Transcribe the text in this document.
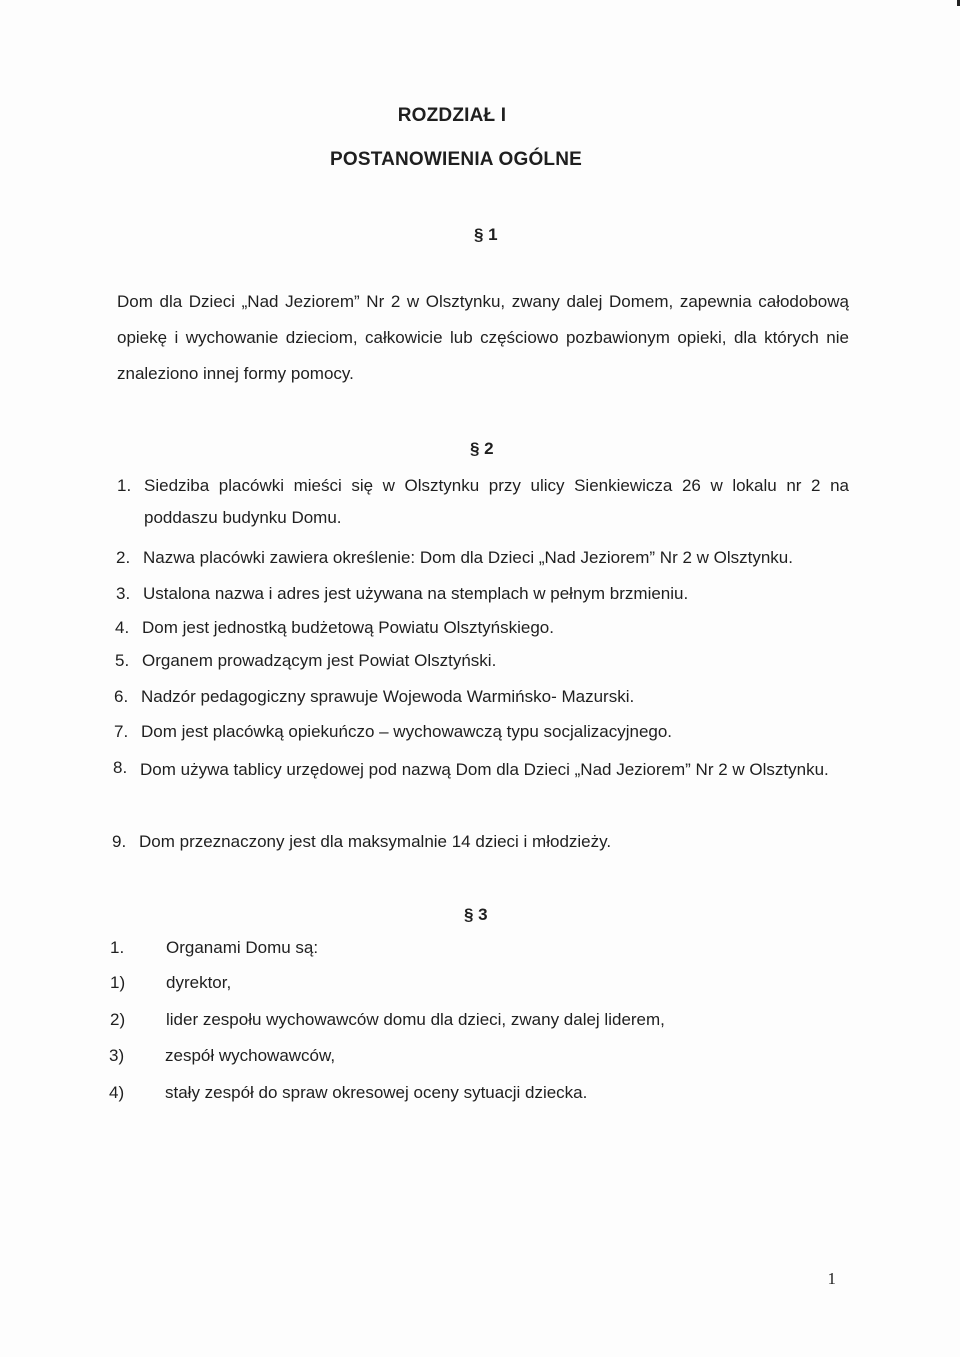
ROZDZIAŁ I
POSTANOWIENIA OGÓLNE
§ 1
Dom dla Dzieci „Nad Jeziorem” Nr 2 w Olsztynku, zwany dalej Domem, zapewnia całodobową opiekę i wychowanie dzieciom, całkowicie lub częściowo pozbawionym opieki, dla których nie znaleziono innej formy pomocy.
§ 2
1. Siedziba placówki mieści się w Olsztynku przy ulicy Sienkiewicza 26 w lokalu nr 2 na poddaszu budynku Domu.
2. Nazwa placówki zawiera określenie: Dom dla Dzieci „Nad Jeziorem” Nr 2 w Olsztynku.
3. Ustalona nazwa i adres jest używana na stemplach w pełnym brzmieniu.
4. Dom jest jednostką budżetową Powiatu Olsztyńskiego.
5. Organem prowadzącym jest Powiat Olsztyński.
6. Nadzór pedagogiczny sprawuje Wojewoda Warmińsko- Mazurski.
7. Dom jest placówką opiekuńczo – wychowawczą typu socjalizacyjnego.
8. Dom używa tablicy urzędowej pod nazwą Dom dla Dzieci „Nad Jeziorem” Nr 2 w Olsztynku.
9. Dom przeznaczony jest dla maksymalnie 14 dzieci i młodzieży.
§ 3
1. Organami Domu są:
1) dyrektor,
2) lider zespołu wychowawców domu dla dzieci, zwany dalej liderem,
3) zespół wychowawców,
4) stały zespół do spraw okresowej oceny sytuacji dziecka.
1
